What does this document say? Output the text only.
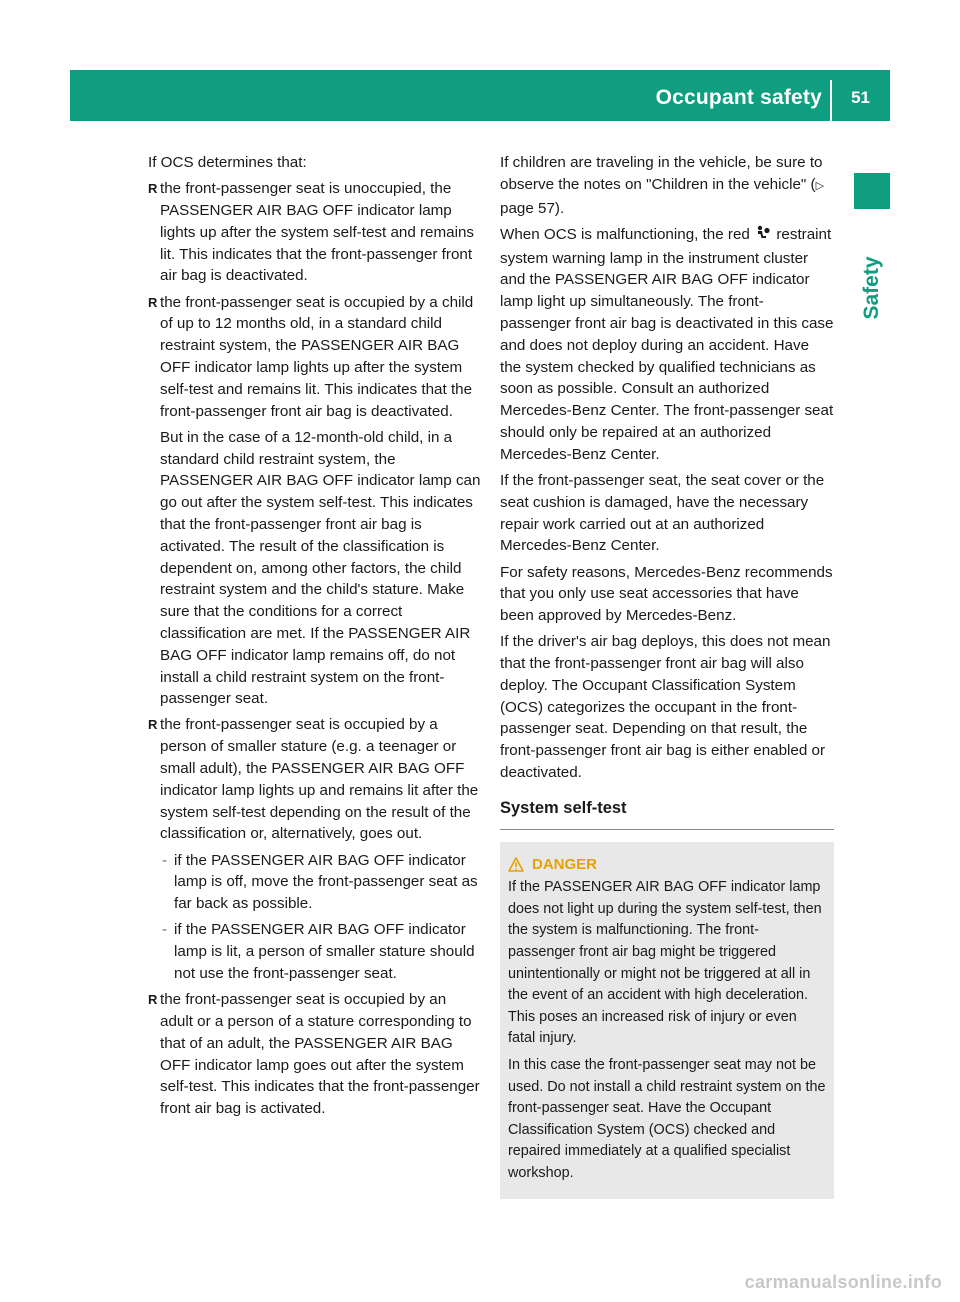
Occupant safety 51
Safety

If OCS determines that:

R the front-passenger seat is unoccupied, the PASSENGER AIR BAG OFF indicator lamp lights up after the system self-test and remains lit. This indicates that the front-passenger front air bag is deactivated.
R the front-passenger seat is occupied by a child of up to 12 months old, in a standard child restraint system, the PASSENGER AIR BAG OFF indicator lamp lights up after the system self-test and remains lit. This indicates that the front-passenger front air bag is deactivated.
But in the case of a 12-month-old child, in a standard child restraint system, the PASSENGER AIR BAG OFF indicator lamp can go out after the system self-test. This indicates that the front-passenger front air bag is activated. The result of the classification is dependent on, among other factors, the child restraint system and the child's stature. Make sure that the conditions for a correct classification are met. If the PASSENGER AIR BAG OFF indicator lamp remains off, do not install a child restraint system on the front-passenger seat.
R the front-passenger seat is occupied by a person of smaller stature (e.g. a teenager or small adult), the PASSENGER AIR BAG OFF indicator lamp lights up and remains lit after the system self-test depending on the result of the classification or, alternatively, goes out.
- if the PASSENGER AIR BAG OFF indicator lamp is off, move the front-passenger seat as far back as possible.
- if the PASSENGER AIR BAG OFF indicator lamp is lit, a person of smaller stature should not use the front-passenger seat.
R the front-passenger seat is occupied by an adult or a person of a stature corresponding to that of an adult, the PASSENGER AIR BAG OFF indicator lamp goes out after the system self-test. This indicates that the front-passenger front air bag is activated.

If children are traveling in the vehicle, be sure to observe the notes on "Children in the vehicle" (▷ page 57).

When OCS is malfunctioning, the red restraint system warning lamp in the instrument cluster and the PASSENGER AIR BAG OFF indicator lamp light up simultaneously. The front-passenger front air bag is deactivated in this case and does not deploy during an accident. Have the system checked by qualified technicians as soon as possible. Consult an authorized Mercedes-Benz Center. The front-passenger seat should only be repaired at an authorized Mercedes-Benz Center.

If the front-passenger seat, the seat cover or the seat cushion is damaged, have the necessary repair work carried out at an authorized Mercedes-Benz Center.

For safety reasons, Mercedes-Benz recommends that you only use seat accessories that have been approved by Mercedes-Benz.

If the driver's air bag deploys, this does not mean that the front-passenger front air bag will also deploy. The Occupant Classification System (OCS) categorizes the occupant in the front-passenger seat. Depending on that result, the front-passenger front air bag is either enabled or deactivated.

System self-test
DANGER

If the PASSENGER AIR BAG OFF indicator lamp does not light up during the system self-test, then the system is malfunctioning. The front-passenger front air bag might be triggered unintentionally or might not be triggered at all in the event of an accident with high deceleration. This poses an increased risk of injury or even fatal injury.

In this case the front-passenger seat may not be used. Do not install a child restraint system on the front-passenger seat. Have the Occupant Classification System (OCS) checked and repaired immediately at a qualified specialist workshop.

carmanualsonline.info
